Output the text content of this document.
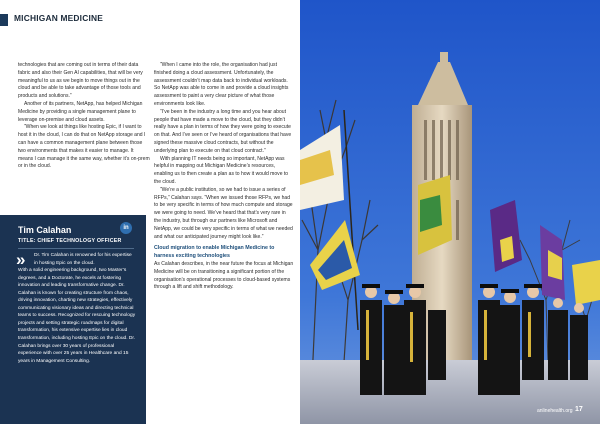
MICHIGAN MEDICINE

technologies that are coming out in terms of their data fabric and also their Gen AI capabilities, that will be very meaningful to us as we begin to move things out in the cloud and be able to take advantage of those tools and products and solutions.”

Another of its partners, NetApp, has helped Michigan Medicine by providing a single management plane to leverage on-premise and cloud assets.

“When we look at things like hosting Epic, if I want to host it in the cloud, I can do that on NetApp storage and I can have a common management plane between those two environments that makes it easier to manage. It means I can manage it the same way, whether it’s on-prem or in the cloud.

“When I came into the role, the organisation had just finished doing a cloud assessment. Unfortunately, the assessment couldn’t map data back to individual workloads. So NetApp was able to come in and provide a cloud insights assessment to paint a very clear picture of what those environments look like.

“I’ve been in the industry a long time and you hear about people that have made a move to the cloud, but they didn’t really have a plan in terms of how they were going to execute on that. And I’ve seen or I’ve heard of organisations that have signed these massive cloud contracts, but without the underlying plan to execute on that cloud contract.”

With planning IT needs being so important, NetApp was helpful in mapping out Michigan Medicine’s resources, enabling us to then create a plan as to how it would move to the cloud.

“We’re a public institution, so we had to issue a series of RFPs,” Calahan says. “When we issued those RFPs, we had to be very specific in terms of how much compute and storage we were going to need. We’ve heard that that’s very rare in the industry, but through our partners like Microsoft and NetApp, we could be very specific in terms of what we needed and what our anticipated journey might look like.”

Cloud migration to enable Michigan Medicine to harness exciting technologies

As Calahan describes, in the near future the focus at Michigan Medicine will be on transitioning a significant portion of the organisation’s operational processes to cloud-based systems through a lift and shift methodology.

Tim Calahan	in
TITLE: CHIEF TECHNOLOGY OFFICER
»	Dr. Tim Calahan is renowned for his expertise in hosting Epic on the cloud.
With a solid engineering background, two Master’s degrees, and a Doctorate, he excels at fostering innovation and leading transformative change. Dr. Calahan is known for creating structure from chaos, driving innovation, charting new strategies, effectively communicating visionary ideas and directing technical teams to success. Recognized for rescuing technology projects and setting strategic roadmaps for digital transformation, his extensive expertise lies in cloud transformation, including hosting Epic on the cloud. Dr. Calahan brings over 30 years of professional experience with over 25 years in Healthcare and 15 years in Management Consulting.
anlinehealth.org 17
